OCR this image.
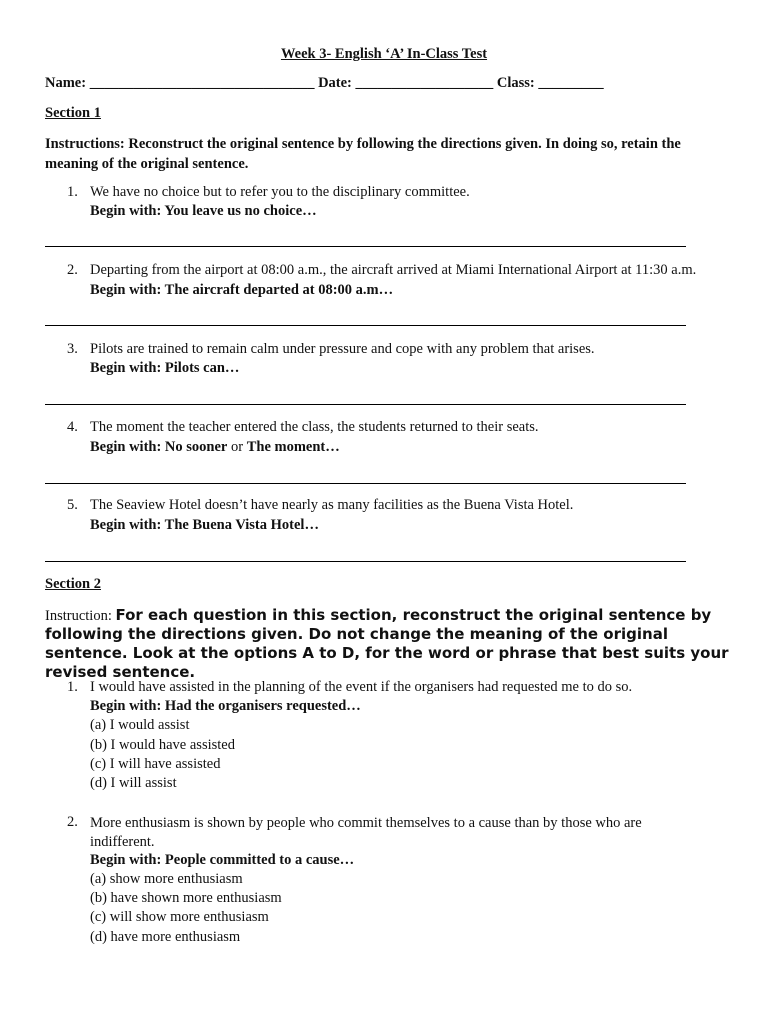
Week 3- English ‘A’ In-Class Test
Name: _______________________________ Date: ___________________ Class: _________
Section 1
Instructions: Reconstruct the original sentence by following the directions given. In doing so, retain the meaning of the original sentence.
1. We have no choice but to refer you to the disciplinary committee.
Begin with: You leave us no choice…
2. Departing from the airport at 08:00 a.m., the aircraft arrived at Miami International Airport at 11:30 a.m.
Begin with: The aircraft departed at 08:00 a.m…
3. Pilots are trained to remain calm under pressure and cope with any problem that arises.
Begin with: Pilots can…
4. The moment the teacher entered the class, the students returned to their seats.
Begin with: No sooner or The moment…
5. The Seaview Hotel doesn’t have nearly as many facilities as the Buena Vista Hotel.
Begin with: The Buena Vista Hotel…
Section 2
Instruction: For each question in this section, reconstruct the original sentence by following the directions given. Do not change the meaning of the original sentence. Look at the options A to D, for the word or phrase that best suits your revised sentence.
1. I would have assisted in the planning of the event if the organisers had requested me to do so.
Begin with: Had the organisers requested…
(a) I would assist
(b) I would have assisted
(c) I will have assisted
(d) I will assist
2. More enthusiasm is shown by people who commit themselves to a cause than by those who are indifferent.
Begin with: People committed to a cause…
(a) show more enthusiasm
(b) have shown more enthusiasm
(c) will show more enthusiasm
(d) have more enthusiasm
